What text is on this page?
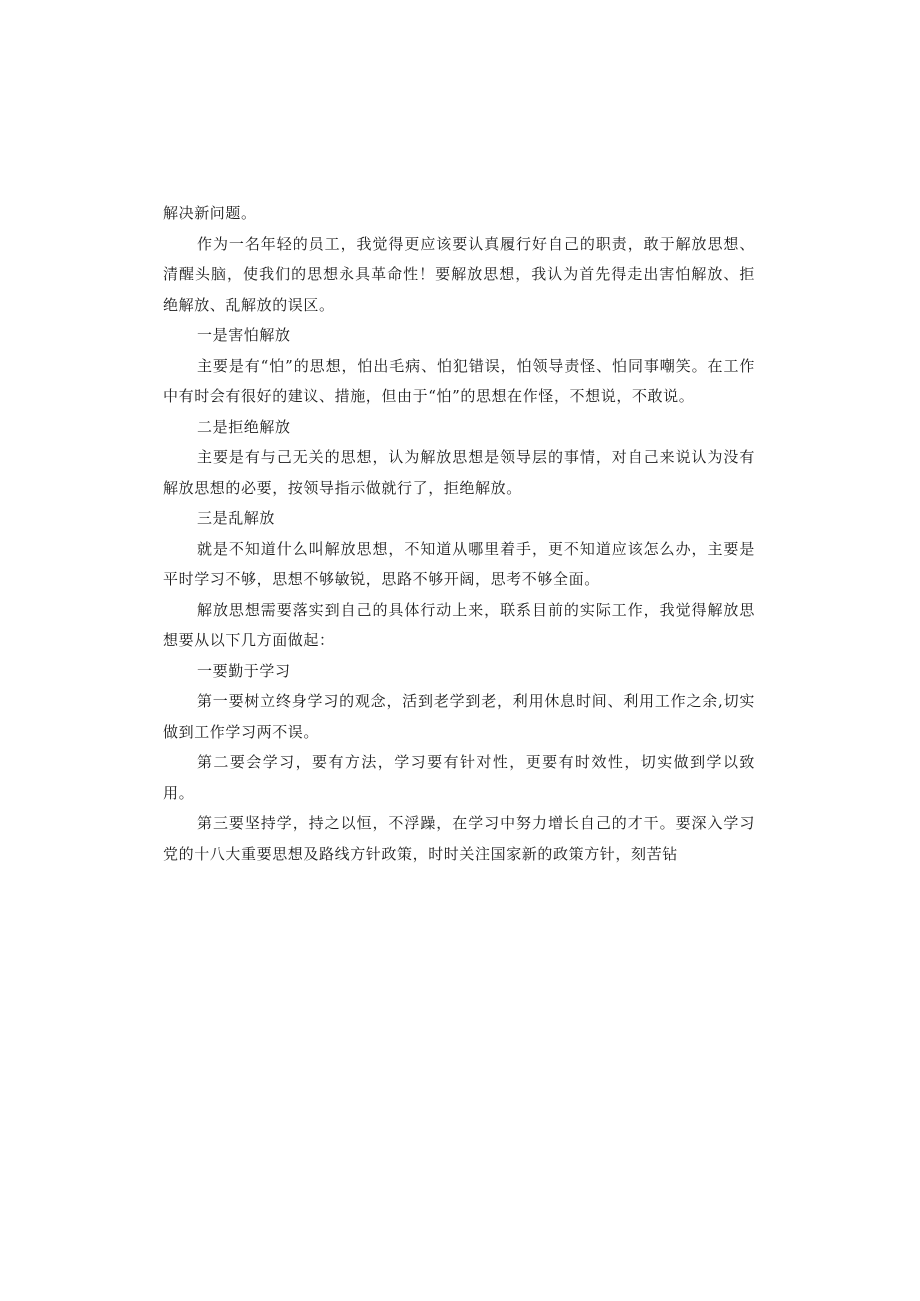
解决新问题。

作为一名年轻的员工，我觉得更应该要认真履行好自己的职责，敢于解放思想、清醒头脑，使我们的思想永具革命性！要解放思想，我认为首先得走出害怕解放、拒绝解放、乱解放的误区。

一是害怕解放

主要是有“怕”的思想，怕出毛病、怕犯错误，怕领导责怪、怕同事嘲笑。在工作中有时会有很好的建议、措施，但由于“怕”的思想在作怪，不想说，不敢说。

二是拒绝解放

主要是有与己无关的思想，认为解放思想是领导层的事情，对自己来说认为没有解放思想的必要，按领导指示做就行了，拒绝解放。

三是乱解放

就是不知道什么叫解放思想，不知道从哪里着手，更不知道应该怎么办，主要是平时学习不够，思想不够敏锐，思路不够开阔，思考不够全面。

解放思想需要落实到自己的具体行动上来，联系目前的实际工作，我觉得解放思想要从以下几方面做起：

一要勤于学习

第一要树立终身学习的观念，活到老学到老，利用休息时间、利用工作之余,切实做到工作学习两不误。

第二要会学习，要有方法，学习要有针对性，更要有时效性，切实做到学以致用。

第三要坚持学，持之以恒，不浮躁，在学习中努力增长自己的才干。要深入学习党的十八大重要思想及路线方针政策，时时关注国家新的政策方针，刻苦钻
